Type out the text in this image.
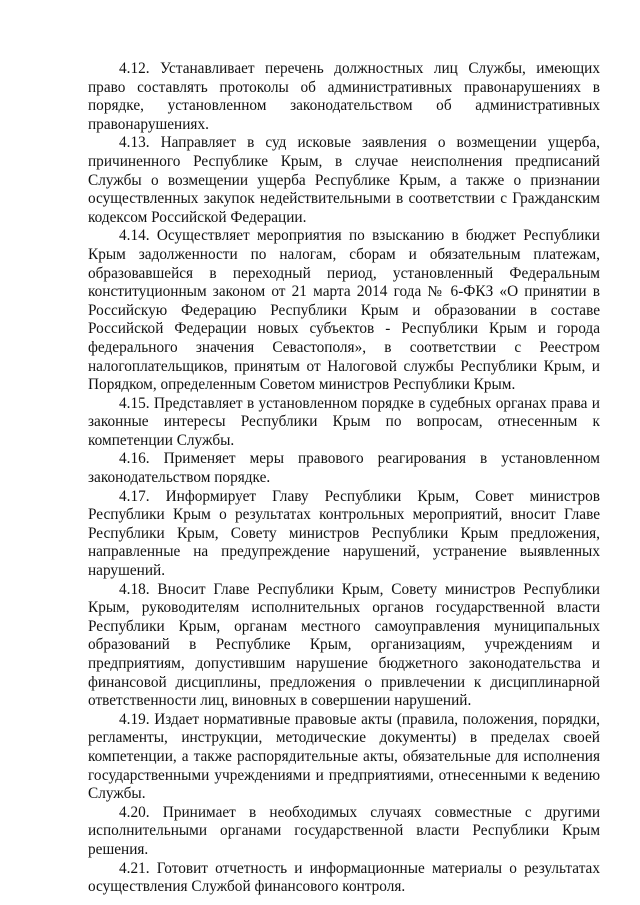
4.12. Устанавливает перечень должностных лиц Службы, имеющих право составлять протоколы об административных правонарушениях в порядке, установленном законодательством об административных правонарушениях.

4.13. Направляет в суд исковые заявления о возмещении ущерба, причиненного Республике Крым, в случае неисполнения предписаний Службы о возмещении ущерба Республике Крым, а также о признании осуществленных закупок недействительными в соответствии с Гражданским кодексом Российской Федерации.

4.14. Осуществляет мероприятия по взысканию в бюджет Республики Крым задолженности по налогам, сборам и обязательным платежам, образовавшейся в переходный период, установленный Федеральным конституционным законом от 21 марта 2014 года № 6-ФКЗ «О принятии в Российскую Федерацию Республики Крым и образовании в составе Российской Федерации новых субъектов - Республики Крым и города федерального значения Севастополя», в соответствии с Реестром налогоплательщиков, принятым от Налоговой службы Республики Крым, и Порядком, определенным Советом министров Республики Крым.

4.15. Представляет в установленном порядке в судебных органах права и законные интересы Республики Крым по вопросам, отнесенным к компетенции Службы.

4.16. Применяет меры правового реагирования в установленном законодательством порядке.

4.17. Информирует Главу Республики Крым, Совет министров Республики Крым о результатах контрольных мероприятий, вносит Главе Республики Крым, Совету министров Республики Крым предложения, направленные на предупреждение нарушений, устранение выявленных нарушений.

4.18. Вносит Главе Республики Крым, Совету министров Республики Крым, руководителям исполнительных органов государственной власти Республики Крым, органам местного самоуправления муниципальных образований в Республике Крым, организациям, учреждениям и предприятиям, допустившим нарушение бюджетного законодательства и финансовой дисциплины, предложения о привлечении к дисциплинарной ответственности лиц, виновных в совершении нарушений.

4.19. Издает нормативные правовые акты (правила, положения, порядки, регламенты, инструкции, методические документы) в пределах своей компетенции, а также распорядительные акты, обязательные для исполнения государственными учреждениями и предприятиями, отнесенными к ведению Службы.

4.20. Принимает в необходимых случаях совместные с другими исполнительными органами государственной власти Республики Крым решения.

4.21. Готовит отчетность и информационные материалы о результатах осуществления Службой финансового контроля.
